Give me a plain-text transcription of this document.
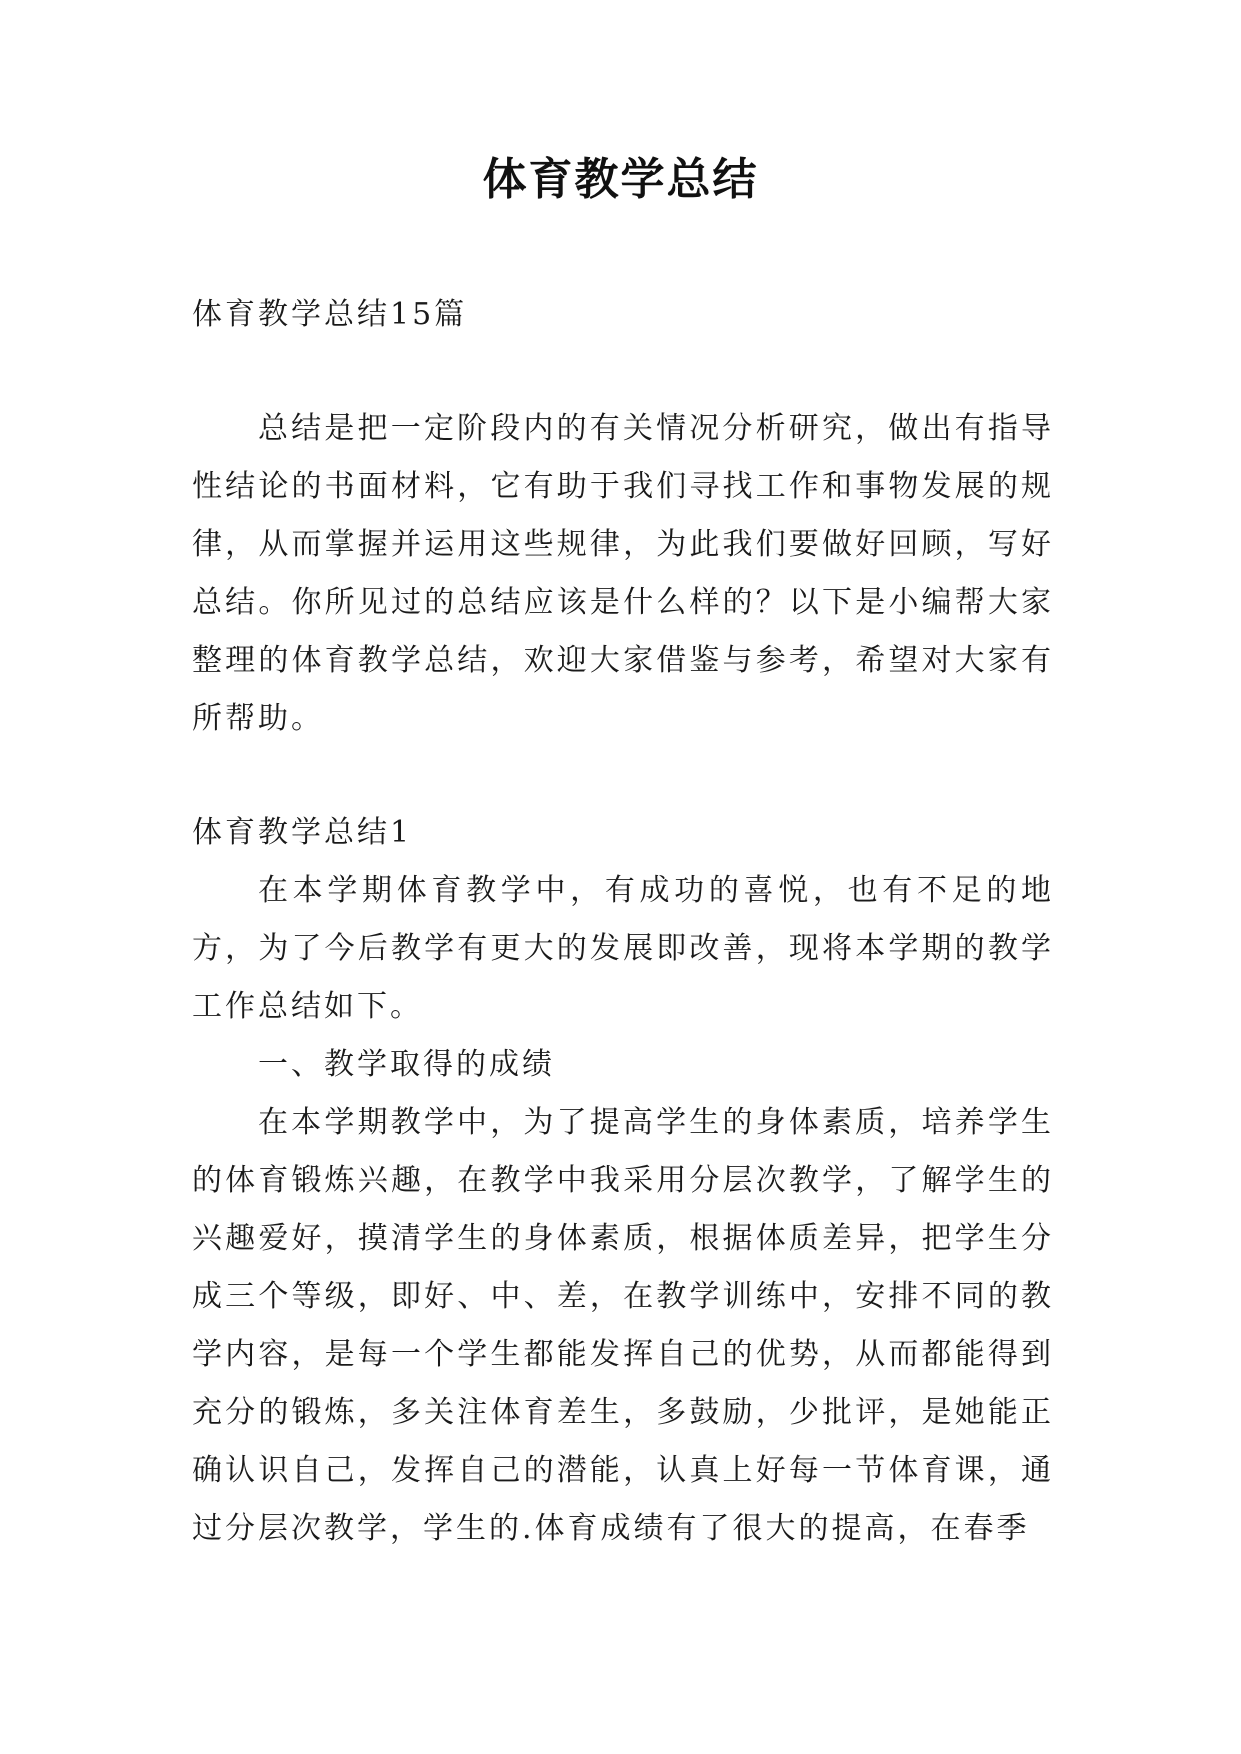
体育教学总结

体育教学总结15篇

总结是把一定阶段内的有关情况分析研究，做出有指导性结论的书面材料，它有助于我们寻找工作和事物发展的规律，从而掌握并运用这些规律，为此我们要做好回顾，写好总结。你所见过的总结应该是什么样的？以下是小编帮大家整理的体育教学总结，欢迎大家借鉴与参考，希望对大家有所帮助。

体育教学总结1

在本学期体育教学中，有成功的喜悦，也有不足的地方，为了今后教学有更大的发展即改善，现将本学期的教学工作总结如下。

一、教学取得的成绩

在本学期教学中，为了提高学生的身体素质，培养学生的体育锻炼兴趣，在教学中我采用分层次教学，了解学生的兴趣爱好，摸清学生的身体素质，根据体质差异，把学生分成三个等级，即好、中、差，在教学训练中，安排不同的教学内容，是每一个学生都能发挥自己的优势，从而都能得到充分的锻炼，多关注体育差生，多鼓励，少批评，是她能正确认识自己，发挥自己的潜能，认真上好每一节体育课，通过分层次教学，学生的.体育成绩有了很大的提高，在春季
